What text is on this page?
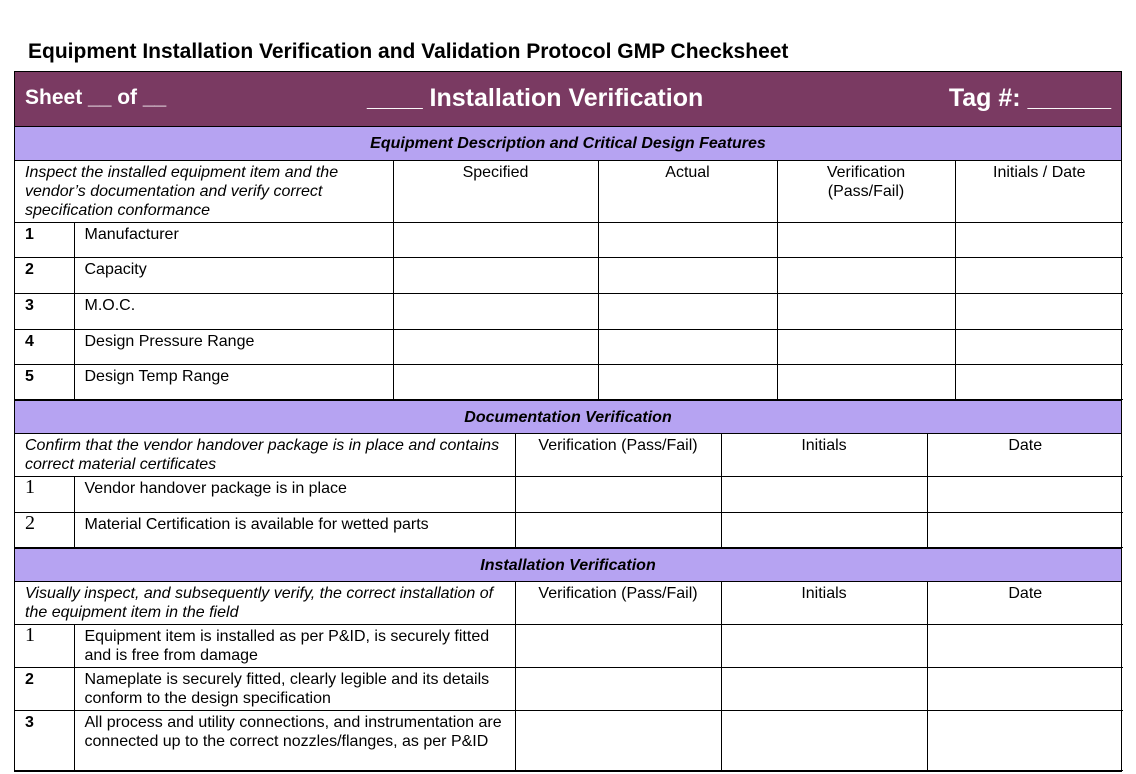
Equipment Installation Verification and Validation Protocol GMP Checksheet
Sheet __ of __	____ Installation Verification	Tag #: ______
Equipment Description and Critical Design Features
Inspect the installed equipment item and the vendor’s documentation and verify correct specification conformance		Specified	Actual	Verification (Pass/Fail)	Initials / Date
1	Manufacturer				
2	Capacity				
3	M.O.C.				
4	Design Pressure Range				
5	Design Temp Range				
Documentation Verification
Confirm that the vendor handover package is in place and contains correct material certificates		Verification (Pass/Fail)	Initials	Date
1	Vendor handover package is in place			
2	Material Certification is available for wetted parts			
Installation Verification
Visually inspect, and subsequently verify, the correct installation of the equipment item in the field		Verification (Pass/Fail)	Initials	Date
1	Equipment item is installed as per P&ID, is securely fitted and is free from damage			
2	Nameplate is securely fitted, clearly legible and its details conform to the design specification			
3	All process and utility connections, and instrumentation are connected up to the correct nozzles/flanges, as per P&ID			
